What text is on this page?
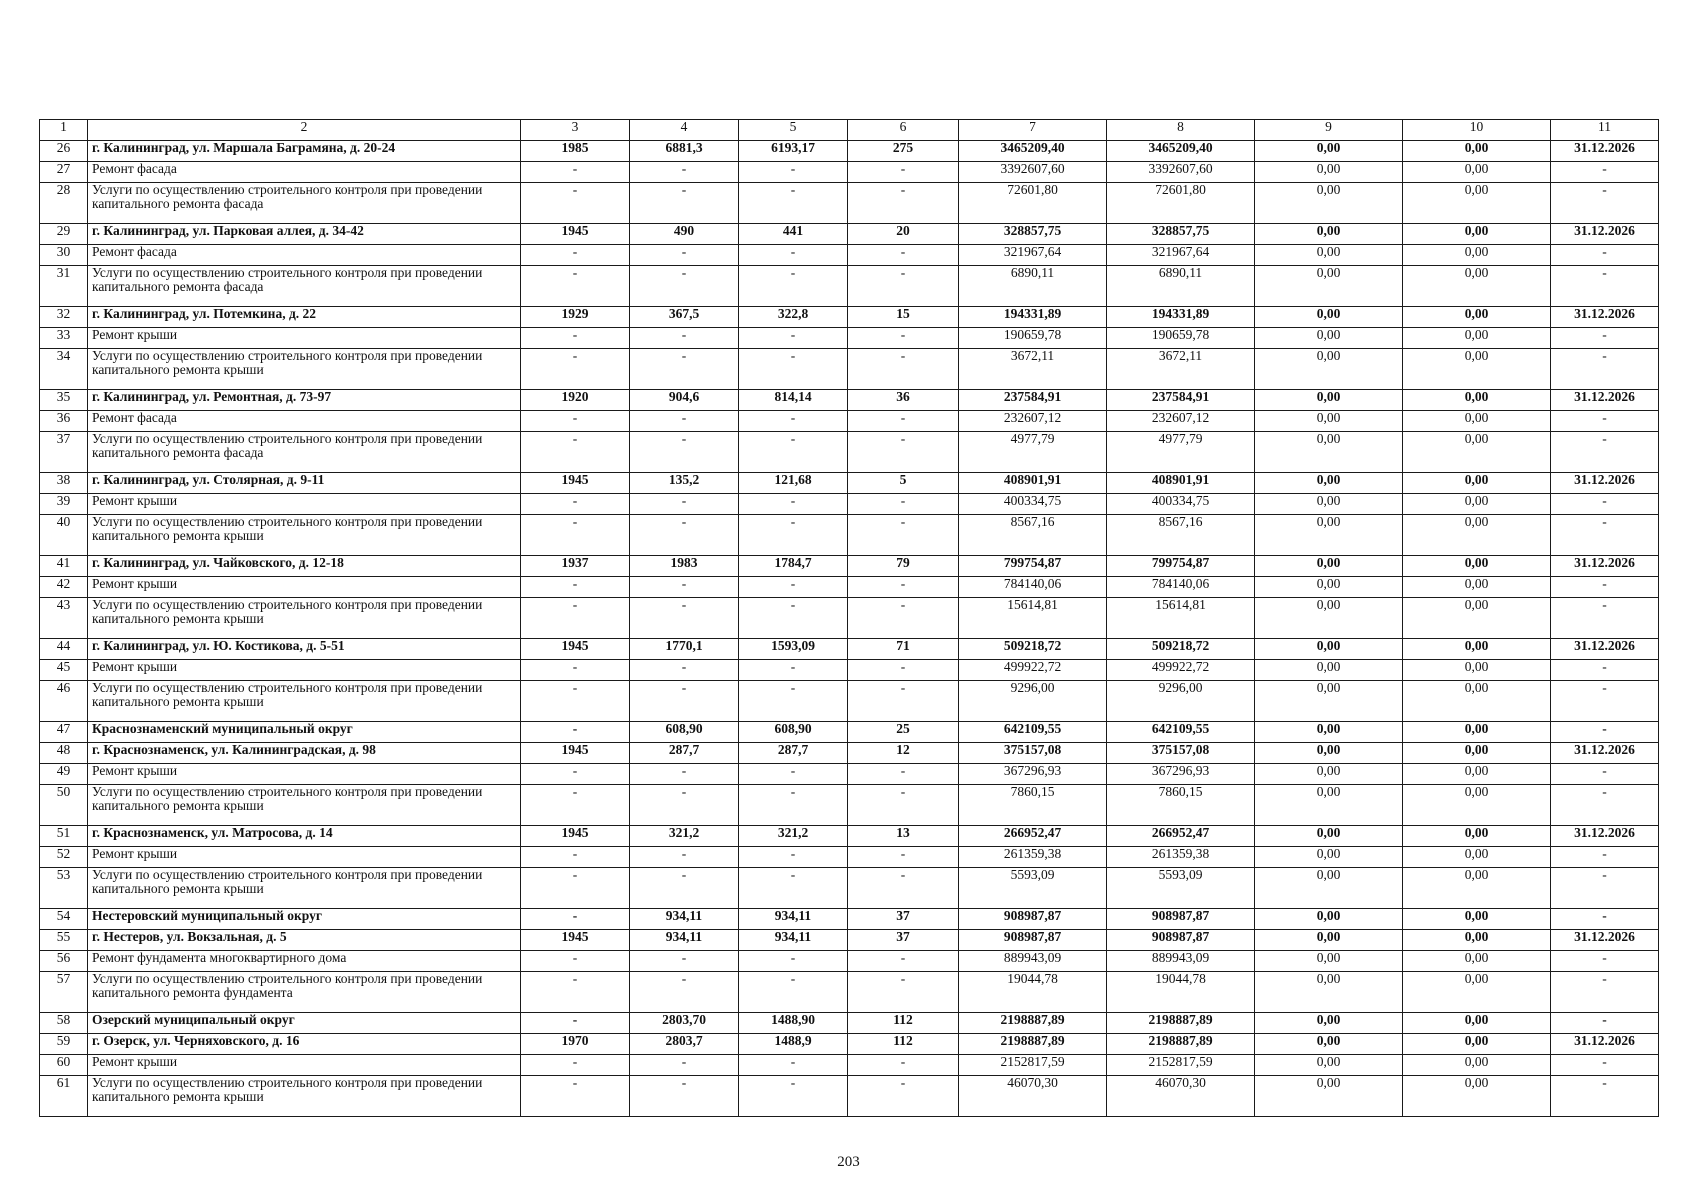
1	2	3	4	5	6	7	8	9	10	11
26	г. Калининград, ул. Маршала Баграмяна, д. 20-24	1985	6881,3	6193,17	275	3465209,40	3465209,40	0,00	0,00	31.12.2026
27	Ремонт фасада	-	-	-	-	3392607,60	3392607,60	0,00	0,00	-
28	Услуги по осуществлению строительного контроля при проведении капитального ремонта фасада	-	-	-	-	72601,80	72601,80	0,00	0,00	-
29	г. Калининград, ул. Парковая аллея, д. 34-42	1945	490	441	20	328857,75	328857,75	0,00	0,00	31.12.2026
30	Ремонт фасада	-	-	-	-	321967,64	321967,64	0,00	0,00	-
31	Услуги по осуществлению строительного контроля при проведении капитального ремонта фасада	-	-	-	-	6890,11	6890,11	0,00	0,00	-
32	г. Калининград, ул. Потемкина, д. 22	1929	367,5	322,8	15	194331,89	194331,89	0,00	0,00	31.12.2026
33	Ремонт крыши	-	-	-	-	190659,78	190659,78	0,00	0,00	-
34	Услуги по осуществлению строительного контроля при проведении капитального ремонта крыши	-	-	-	-	3672,11	3672,11	0,00	0,00	-
35	г. Калининград, ул. Ремонтная, д. 73-97	1920	904,6	814,14	36	237584,91	237584,91	0,00	0,00	31.12.2026
36	Ремонт фасада	-	-	-	-	232607,12	232607,12	0,00	0,00	-
37	Услуги по осуществлению строительного контроля при проведении капитального ремонта фасада	-	-	-	-	4977,79	4977,79	0,00	0,00	-
38	г. Калининград, ул. Столярная, д. 9-11	1945	135,2	121,68	5	408901,91	408901,91	0,00	0,00	31.12.2026
39	Ремонт крыши	-	-	-	-	400334,75	400334,75	0,00	0,00	-
40	Услуги по осуществлению строительного контроля при проведении капитального ремонта крыши	-	-	-	-	8567,16	8567,16	0,00	0,00	-
41	г. Калининград, ул. Чайковского, д. 12-18	1937	1983	1784,7	79	799754,87	799754,87	0,00	0,00	31.12.2026
42	Ремонт крыши	-	-	-	-	784140,06	784140,06	0,00	0,00	-
43	Услуги по осуществлению строительного контроля при проведении капитального ремонта крыши	-	-	-	-	15614,81	15614,81	0,00	0,00	-
44	г. Калининград, ул. Ю. Костикова, д. 5-51	1945	1770,1	1593,09	71	509218,72	509218,72	0,00	0,00	31.12.2026
45	Ремонт крыши	-	-	-	-	499922,72	499922,72	0,00	0,00	-
46	Услуги по осуществлению строительного контроля при проведении капитального ремонта крыши	-	-	-	-	9296,00	9296,00	0,00	0,00	-
47	Краснознаменский муниципальный округ	-	608,90	608,90	25	642109,55	642109,55	0,00	0,00	-
48	г. Краснознаменск, ул. Калининградская, д. 98	1945	287,7	287,7	12	375157,08	375157,08	0,00	0,00	31.12.2026
49	Ремонт крыши	-	-	-	-	367296,93	367296,93	0,00	0,00	-
50	Услуги по осуществлению строительного контроля при проведении капитального ремонта крыши	-	-	-	-	7860,15	7860,15	0,00	0,00	-
51	г. Краснознаменск, ул. Матросова, д. 14	1945	321,2	321,2	13	266952,47	266952,47	0,00	0,00	31.12.2026
52	Ремонт крыши	-	-	-	-	261359,38	261359,38	0,00	0,00	-
53	Услуги по осуществлению строительного контроля при проведении капитального ремонта крыши	-	-	-	-	5593,09	5593,09	0,00	0,00	-
54	Нестеровский муниципальный округ	-	934,11	934,11	37	908987,87	908987,87	0,00	0,00	-
55	г. Нестеров, ул. Вокзальная, д. 5	1945	934,11	934,11	37	908987,87	908987,87	0,00	0,00	31.12.2026
56	Ремонт фундамента многоквартирного дома	-	-	-	-	889943,09	889943,09	0,00	0,00	-
57	Услуги по осуществлению строительного контроля при проведении капитального ремонта фундамента	-	-	-	-	19044,78	19044,78	0,00	0,00	-
58	Озерский муниципальный округ	-	2803,70	1488,90	112	2198887,89	2198887,89	0,00	0,00	-
59	г. Озерск, ул. Черняховского, д. 16	1970	2803,7	1488,9	112	2198887,89	2198887,89	0,00	0,00	31.12.2026
60	Ремонт крыши	-	-	-	-	2152817,59	2152817,59	0,00	0,00	-
61	Услуги по осуществлению строительного контроля при проведении капитального ремонта крыши	-	-	-	-	46070,30	46070,30	0,00	0,00	-
203
